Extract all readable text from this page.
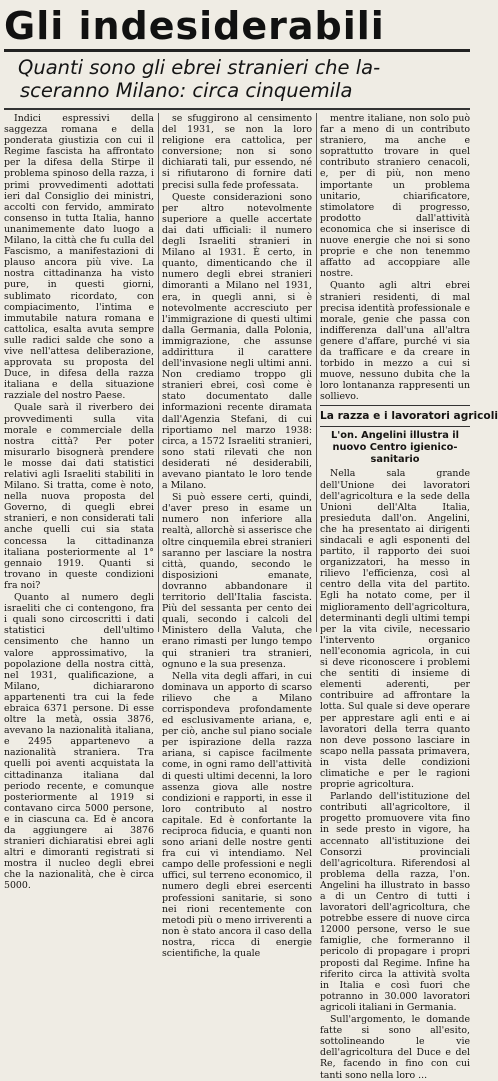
Gli indesiderabili
Quanti sono gli ebrei stranieri che la-
sceranno Milano: circa cinquemila

Indici espressivi della saggezza romana e della ponderata giustizia con cui il Regime fascista ha affrontato per la difesa della Stirpe il problema spinoso della razza, i primi provvedimenti adottati ieri dal Consiglio dei ministri, accolti con fervido, ammirato consenso in tutta Italia, hanno unanimemente dato luogo a Milano, la città che fu culla del Fascismo, a manifestazioni di plauso ancora più vive. La nostra cittadinanza ha visto pure, in questi giorni, sublimato ricordato, con compiacimento, l'intima e immutabile natura romana e cattolica, esalta avuta sempre sulle radici salde che sono a vive nell'attesa deliberazione, approvata su proposta del Duce, in difesa della razza italiana e della situazione razziale del nostro Paese.

Quale sarà il riverbero dei provvedimenti sulla vita morale e commerciale della nostra città? Per poter misurarlo bisognerà prendere le mosse dai dati statistici relativi agli Israeliti stabiliti in Milano. Si tratta, come è noto, nella nuova proposta del Governo, di quegli ebrei stranieri, e non considerati tali anche quelli cui sia stata concessa la cittadinanza italiana posteriormente al 1° gennaio 1919. Quanti si trovano in queste condizioni fra noi?

Quanto al numero degli israeliti che ci contengono, fra i quali sono circoscritti i dati statistici dell'ultimo censimento che hanno un valore approssimativo, la popolazione della nostra città, nel 1931, qualificazione, a Milano, dichiararono appartenenti tra cui la fede ebraica 6371 persone. Di esse oltre la metà, ossia 3876, avevano la nazionalità italiana, e 2495 appartenevo a nazionalità straniera. Tra quelli poi aventi acquistata la cittadinanza italiana dal periodo recente, e comunque posteriormente al 1919 si contavano circa 5000 persone, e in ciascuna ca. Ed è ancora da aggiungere ai 3876 stranieri dichiaratisi ebrei agli altri e dimoranti registrati si mostra il nucleo degli ebrei che la nazionalità, che è circa 5000.

se sfuggirono al censimento del 1931, se non la loro religione era cattolica, per conversione; non si sono dichiarati tali, pur essendo, né si rifiutarono di fornire dati precisi sulla fede professata.

Queste considerazioni sono per altro notevolmente superiore a quelle accertate dai dati ufficiali: il numero degli Israeliti stranieri in Milano al 1931. È certo, in quanto, dimenticando che il numero degli ebrei stranieri dimoranti a Milano nel 1931, era, in quegli anni, si è notevolmente accresciuto per l'immigrazione di questi ultimi dalla Germania, dalla Polonia, immigrazione, che assunse addirittura il carattere dell'invasione negli ultimi anni. Non crediamo troppo gli stranieri ebrei, così come è stato documentato dalle informazioni recente diramata dall'Agenzia Stefani, di cui riportiamo nel marzo 1938: circa, a 1572 Israeliti stranieri, sono stati rilevati che non desiderati né desiderabili, avevano piantato le loro tende a Milano.

Si può essere certi, quindi, d'aver preso in esame un numero non inferiore alla realtà, allorchè si asserisce che oltre cinquemila ebrei stranieri saranno per lasciare la nostra città, quando, secondo le disposizioni emanate, dovranno abbandonare il territorio dell'Italia fascista. Più del sessanta per cento dei quali, secondo i calcoli del Ministero della Valuta, che erano rimasti per lungo tempo qui stranieri tra stranieri, ognuno e la sua presenza.

Nella vita degli affari, in cui dominava un apporto di scarso rilievo che a Milano corrispondeva profondamente ed esclusivamente ariana, e, per ciò, anche sul piano sociale per ispirazione della razza ariana, si capisce facilmente come, in ogni ramo dell'attività di questi ultimi decenni, la loro assenza giova alle nostre condizioni e rapporti, in esse il loro contributo al nostro capitale. Ed è confortante la reciproca fiducia, e quanti non sono ariani delle nostre genti fra cui vi intendiamo. Nel campo delle professioni e negli uffici, sul terreno economico, il numero degli ebrei esercenti professioni sanitarie, si sono nei rioni recentemente con metodi più o meno irriverenti a non è stato ancora il caso della nostra, ricca di energie scientifiche, la quale

mentre italiane, non solo può far a meno di un contributo straniero, ma anche e soprattutto trovare in quel contributo straniero cenacoli, e, per di più, non meno importante un problema unitario, chiarificatore, stimolatore di progresso, prodotto dall'attività economica che si inserisce di nuove energie che noi si sono proprie e che non tenemmo affatto ad accoppiare alle nostre.

Quanto agli altri ebrei stranieri residenti, di mal precisa identità professionale e morale, genie che passa con indifferenza dall'una all'altra genere d'affare, purché vi sia da trafficare e da creare in torbido in mezzo a cui si muove, nessuno dubita che la loro lontananza rappresenti un sollievo.

La razza e i lavoratori agricoli
L'on. Angelini illustra il nuovo Centro igienico-sanitario

Nella sala grande dell'Unione dei lavoratori dell'agricoltura e la sede della Unioni dell'Alta Italia, presieduta dall'on. Angelini, che ha presentato ai dirigenti sindacali e agli esponenti del partito, il rapporto dei suoi organizzatori, ha messo in rilievo l'efficienza, così al centro della vita del partito. Egli ha notato come, per il miglioramento dell'agricoltura, determinanti degli ultimi tempi per la vita civile, necessario l'intervento organico nell'economia agricola, in cui si deve riconoscere i problemi che sentiti di insieme di elementi aderenti, per contribuire ad affrontare la lotta. Sul quale si deve operare per apprestare agli enti e ai lavoratori della terra quanto non deve possono lasciare in scapo nella passata primavera, in vista delle condizioni climatiche e per le ragioni proprie agricoltura.

Parlando dell'istituzione del contributi all'agricoltore, il progetto promuovere vita fino in sede presto in vigore, ha accennato all'istituzione dei Consorzi provinciali dell'agricoltura. Riferendosi al problema della razza, l'on. Angelini ha illustrato in basso a di un Centro di tutti i lavoratori dell'agricoltura, che potrebbe essere di nuove circa 12000 persone, verso le sue famiglie, che formeranno il pericolo di propagare i propri proposti dal Regime. Infine ha riferito circa la attività svolta in Italia e così fuori che potranno in 30.000 lavoratori agricoli italiani in Germania.

Sull'argomento, le domande fatte si sono all'esito, sottolineando le vie dell'agricoltura del Duce e del Re, facendo in fino con cui tanti sono nella loro ...
